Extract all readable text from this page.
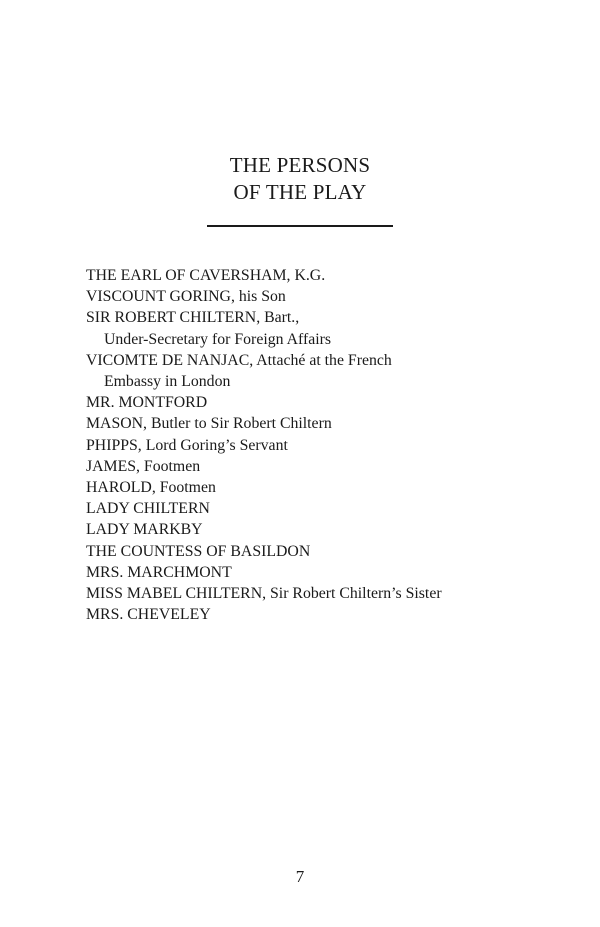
THE PERSONS
OF THE PLAY
THE EARL OF CAVERSHAM, K.G.
VISCOUNT GORING, his Son
SIR ROBERT CHILTERN, Bart.,
Under-Secretary for Foreign Affairs
VICOMTE DE NANJAC, Attaché at the French
Embassy in London
MR. MONTFORD
MASON, Butler to Sir Robert Chiltern
PHIPPS, Lord Goring’s Servant
JAMES, Footmen
HAROLD, Footmen
LADY CHILTERN
LADY MARKBY
THE COUNTESS OF BASILDON
MRS. MARCHMONT
MISS MABEL CHILTERN, Sir Robert Chiltern’s Sister
MRS. CHEVELEY
7
